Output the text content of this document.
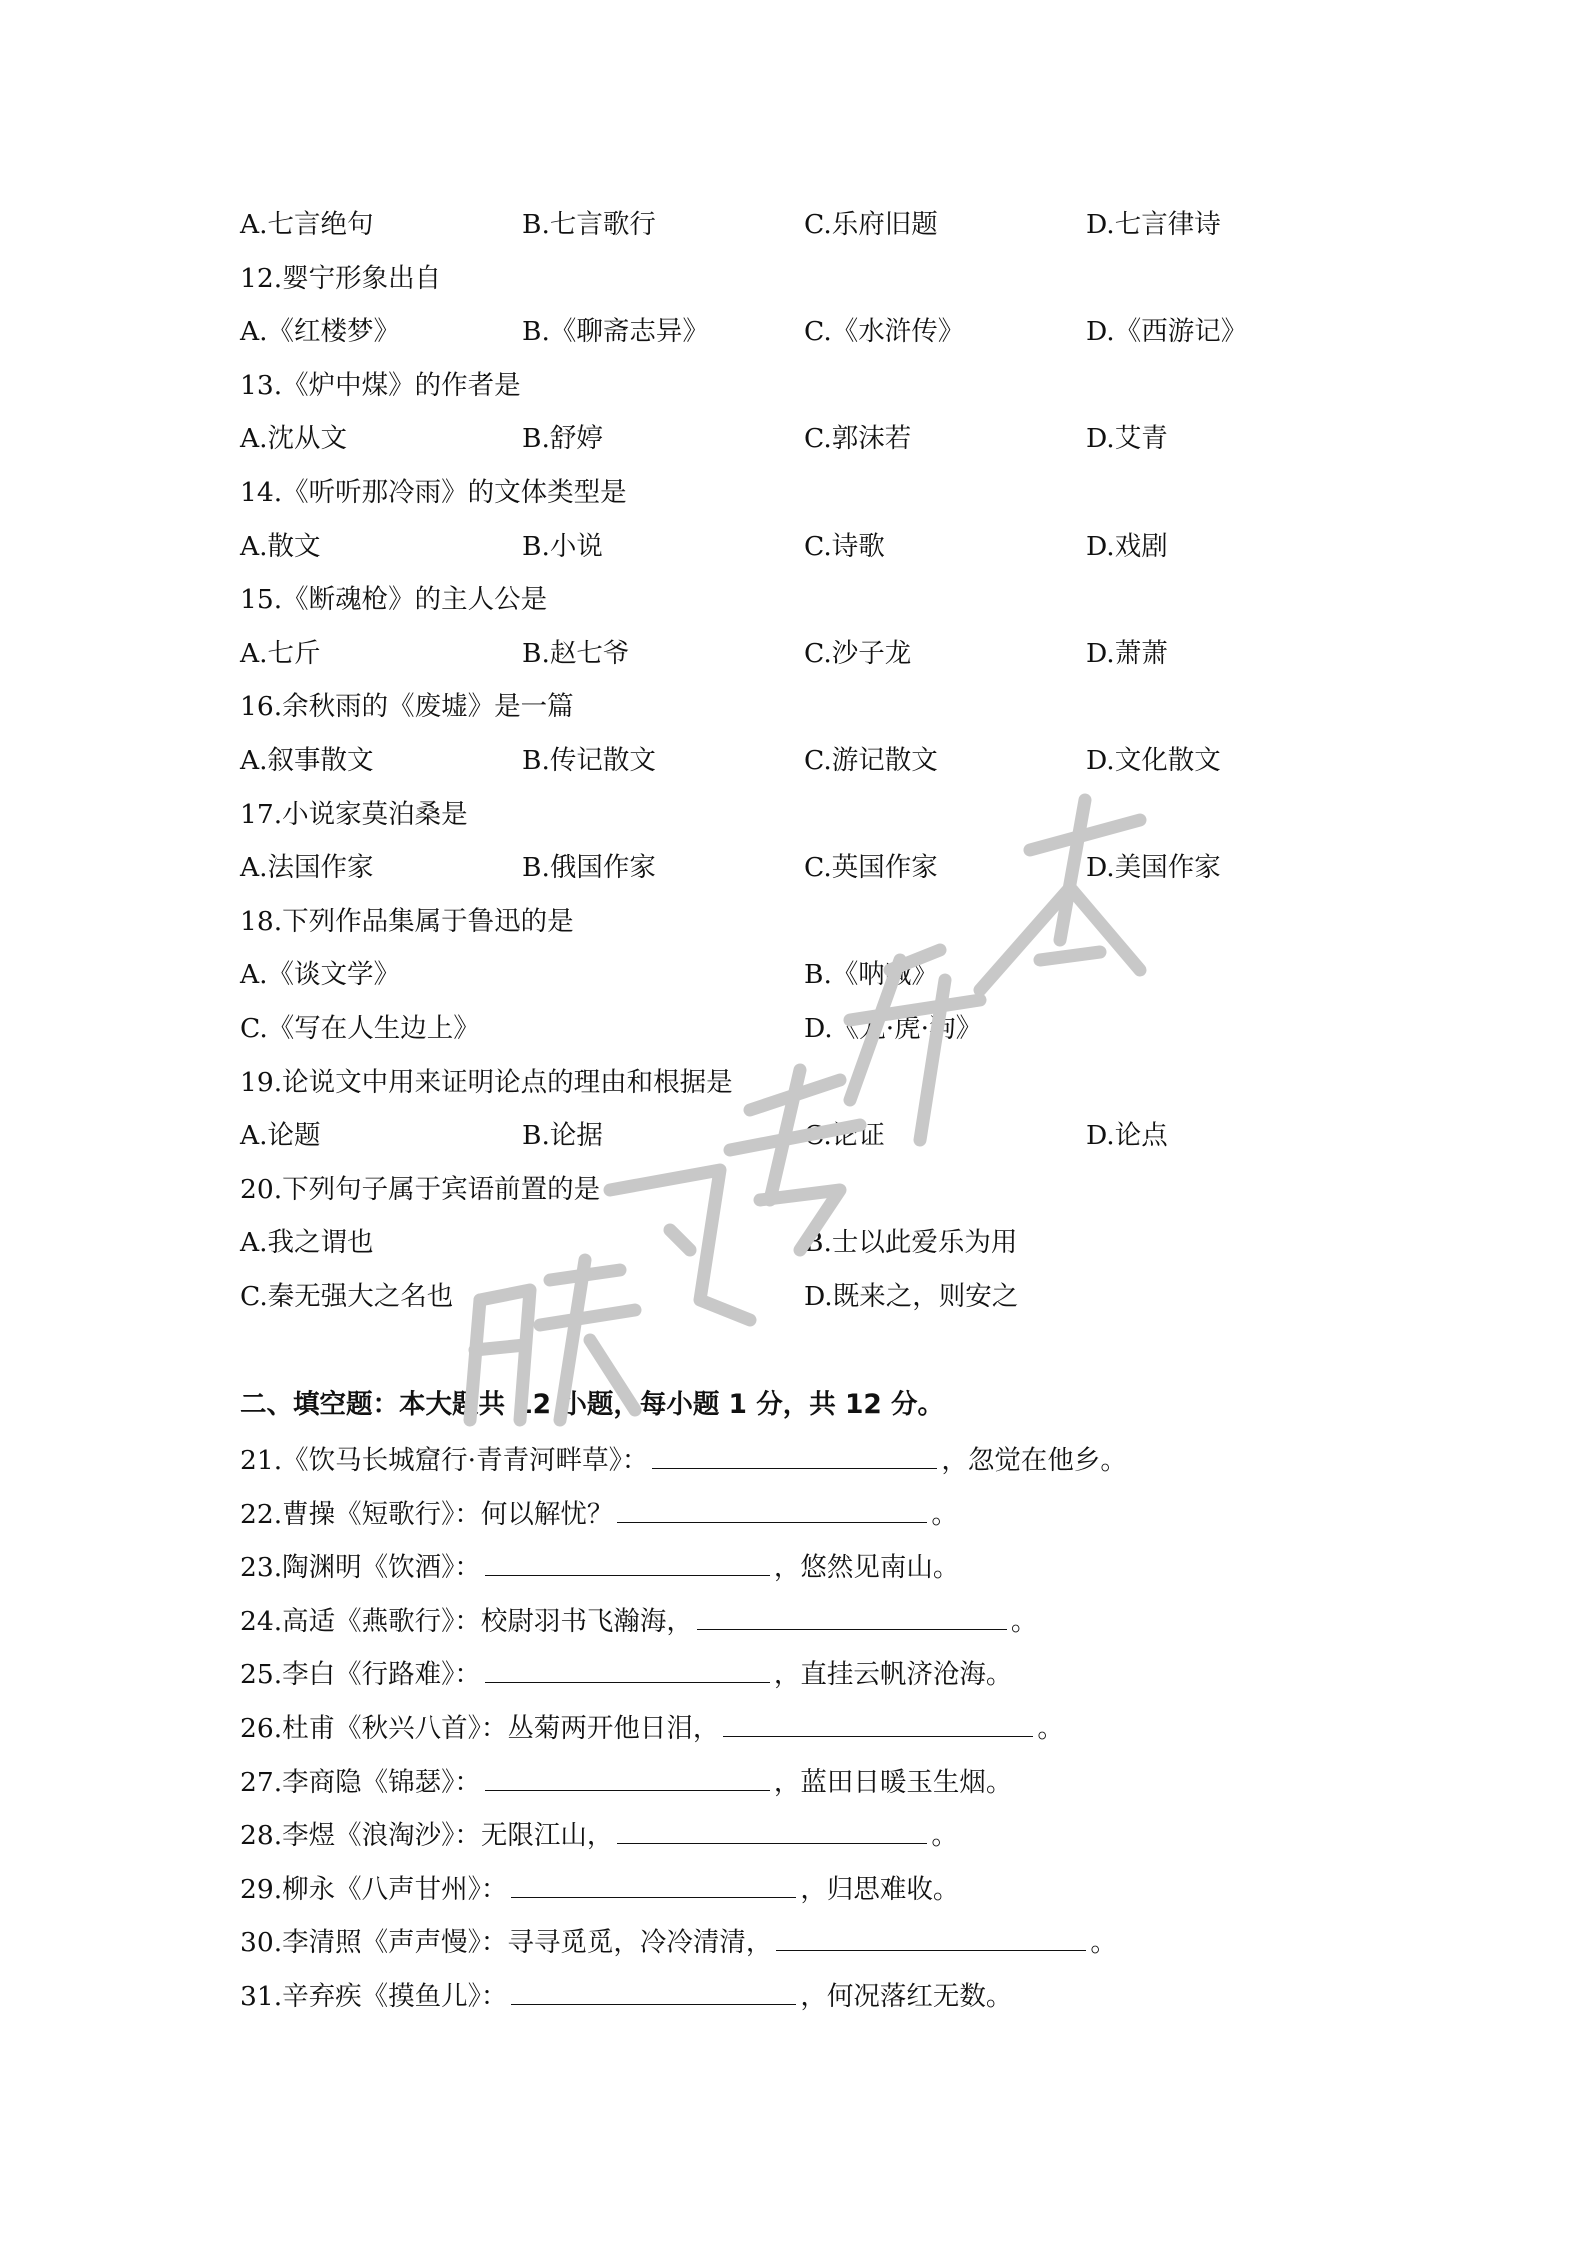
A.七言绝句	B.七言歌行	C.乐府旧题	D.七言律诗
12.婴宁形象出自
A.《红楼梦》	B.《聊斋志异》	C.《水浒传》	D.《西游记》
13.《炉中煤》的作者是
A.沈从文	B.舒婷	C.郭沫若	D.艾青
14.《听听那冷雨》的文体类型是
A.散文	B.小说	C.诗歌	D.戏剧
15.《断魂枪》的主人公是
A.七斤	B.赵七爷	C.沙子龙	D.萧萧
16.余秋雨的《废墟》是一篇
A.叙事散文	B.传记散文	C.游记散文	D.文化散文
17.小说家莫泊桑是
A.法国作家	B.俄国作家	C.英国作家	D.美国作家
18.下列作品集属于鲁迅的是
A.《谈文学》	B.《呐喊》
C.《写在人生边上》	D.《龙·虎·狗》
19.论说文中用来证明论点的理由和根据是
A.论题	B.论据	C.论证	D.论点
20.下列句子属于宾语前置的是
A.我之谓也	B.士以此爱乐为用
C.秦无强大之名也	D.既来之，则安之
二、填空题：本大题共 12 小题，每小题 1 分，共 12 分。
21.《饮马长城窟行·青青河畔草》：	，忽觉在他乡。
22.曹操《短歌行》：何以解忧？	。
23.陶渊明《饮酒》：	，悠然见南山。
24.高适《燕歌行》：校尉羽书飞瀚海，	。
25.李白《行路难》：	，直挂云帆济沧海。
26.杜甫《秋兴八首》：丛菊两开他日泪，	。
27.李商隐《锦瑟》：	，蓝田日暖玉生烟。
28.李煜《浪淘沙》：无限江山，	。
29.柳永《八声甘州》：	，归思难收。
30.李清照《声声慢》：寻寻觅觅，冷冷清清，	。
31.辛弃疾《摸鱼儿》：	，何况落红无数。
